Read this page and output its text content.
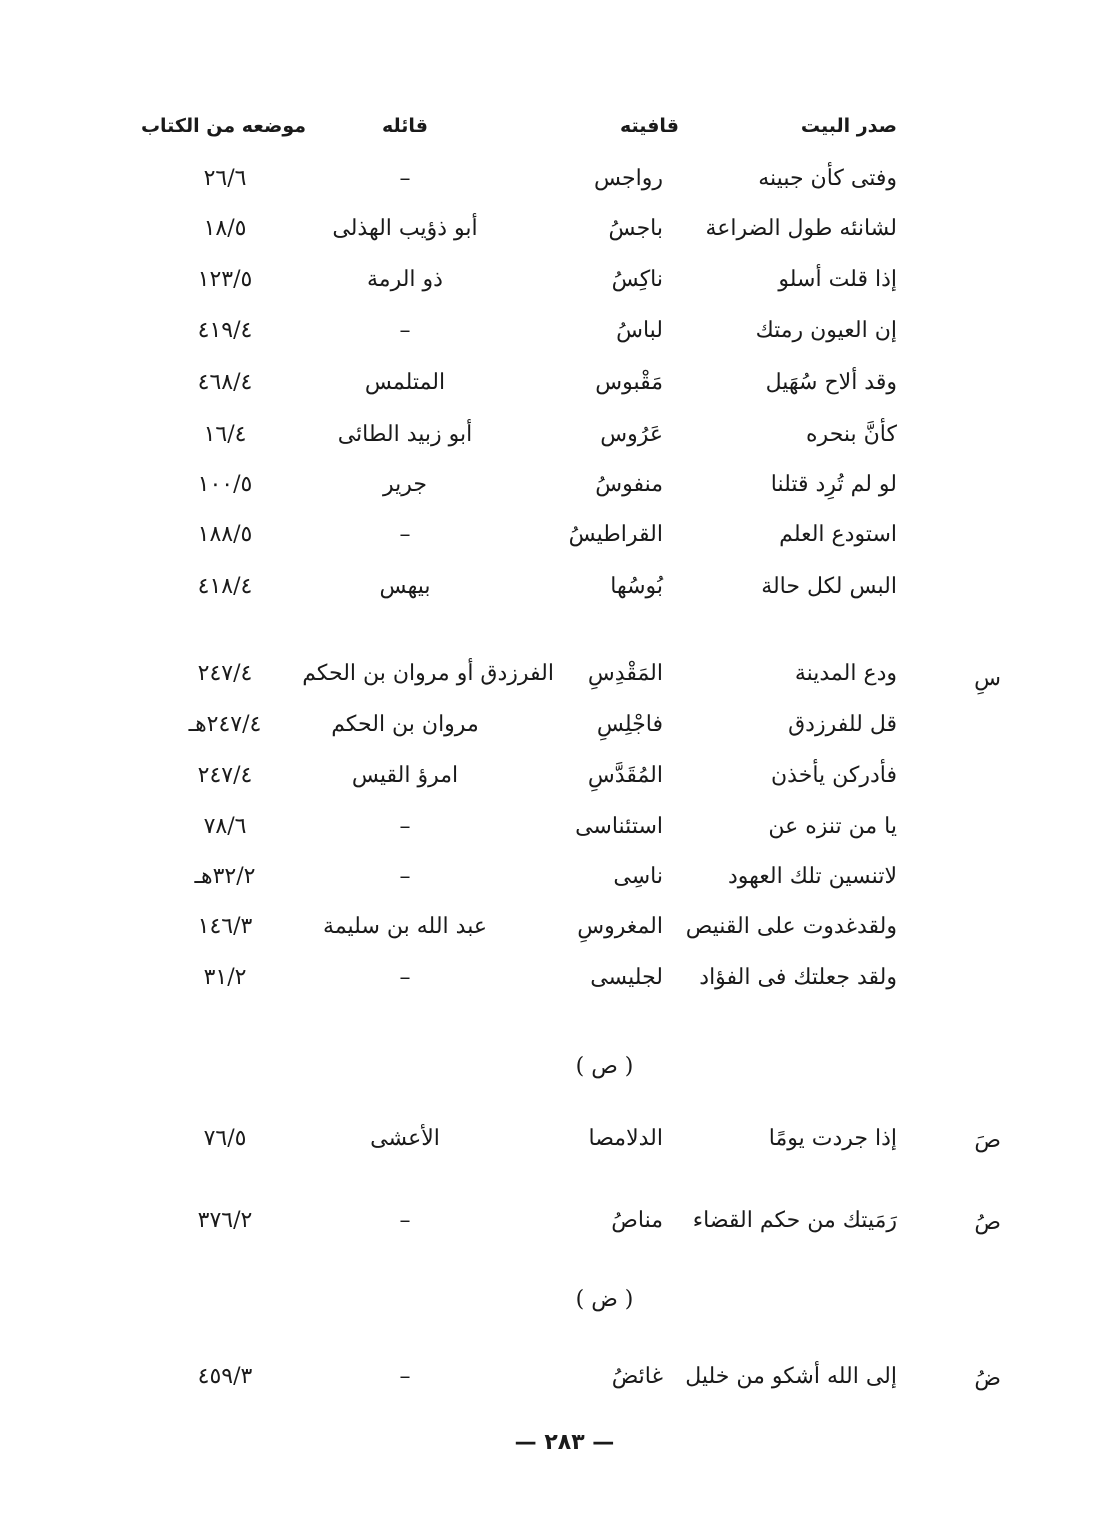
صدر البيت
قافيته
قائله
موضعه من الكتاب
وفتى كأن جبينه
رواجس
–
٢٦/٦
لشانئه طول الضراعة
باجسُ
أبو ذؤيب الهذلى
١٨/٥
إذا قلت أسلو
ناكِسُ
ذو الرمة
١٢٣/٥
إن العيون رمتك
لباسُ
–
٤١٩/٤
وقد ألاح سُهَيل
مَقْبوس
المتلمس
٤٦٨/٤
كأنَّ بنحره
عَرُوس
أبو زبيد الطائى
١٦/٤
لو لم تُرِد قتلنا
منفوسُ
جرير
١٠٠/٥
استودع العلم
القراطيسُ
–
١٨٨/٥
البس لكل حالة
بُوسُها
بيهس
٤١٨/٤
سِ
ودع المدينة
المَقْدِسِ
الفرزدق أو مروان بن الحكم
٢٤٧/٤
قل للفرزدق
فاجْلِسِ
مروان بن الحكم
٢٤٧/٤هـ
فأدركن يأخذن
المُقَدَّسِ
امرؤ القيس
٢٤٧/٤
يا من تنزه عن
استئناسى
–
٧٨/٦
لاتنسين تلك العهود
ناسِى
–
٣٢/٢هـ
ولقدغدوت على القنيص
المغروسِ
عبد الله بن سليمة
١٤٦/٣
ولقد جعلتك فى الفؤاد
لجليسى
–
٣١/٢
( ص )
صَ
إذا جردت يومًا
الدلامصا
الأعشى
٧٦/٥
صُ
رَمَيتك من حكم القضاء
مناصُ
–
٣٧٦/٢
( ض )
ضُ
إلى الله أشكو من خليل
غائضُ
–
٤٥٩/٣
— ٢٨٣ —
